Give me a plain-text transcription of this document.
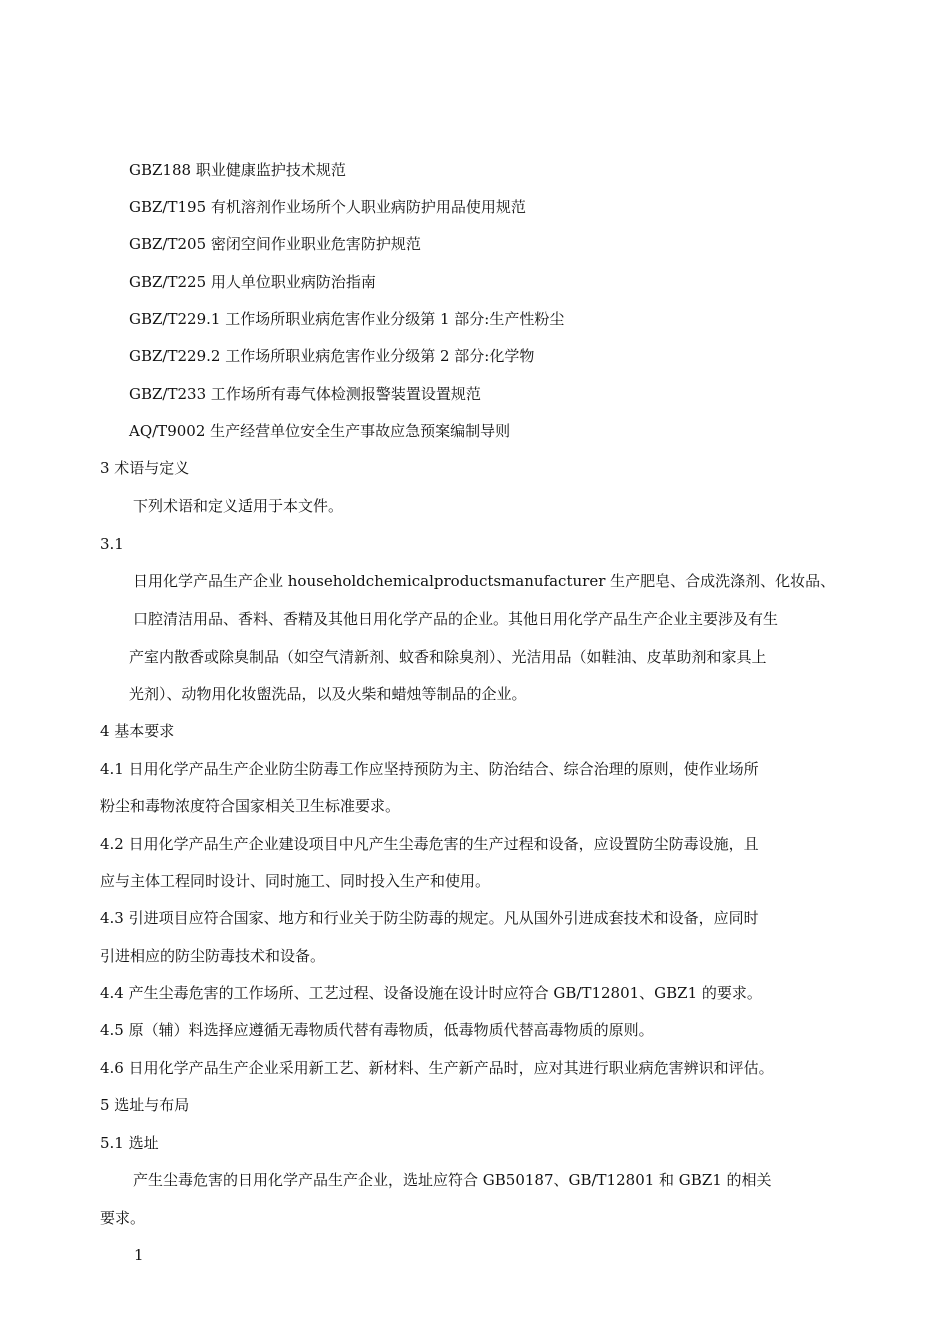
GBZ188 职业健康监护技术规范
GBZ/T195 有机溶剂作业场所个人职业病防护用品使用规范
GBZ/T205 密闭空间作业职业危害防护规范
GBZ/T225 用人单位职业病防治指南
GBZ/T229.1 工作场所职业病危害作业分级第 1 部分:生产性粉尘
GBZ/T229.2 工作场所职业病危害作业分级第 2 部分:化学物
GBZ/T233 工作场所有毒气体检测报警装置设置规范
AQ/T9002 生产经营单位安全生产事故应急预案编制导则
3 术语与定义
下列术语和定义适用于本文件。
3.1
日用化学产品生产企业 householdchemicalproductsmanufacturer 生产肥皂、合成洗涤剂、化妆品、
口腔清洁用品、香料、香精及其他日用化学产品的企业。其他日用化学产品生产企业主要涉及有生
产室内散香或除臭制品（如空气清新剂、蚊香和除臭剂）、光洁用品（如鞋油、皮革助剂和家具上
光剂）、动物用化妆盥洗品，以及火柴和蜡烛等制品的企业。
4 基本要求
4.1 日用化学产品生产企业防尘防毒工作应坚持预防为主、防治结合、综合治理的原则，使作业场所
粉尘和毒物浓度符合国家相关卫生标准要求。
4.2 日用化学产品生产企业建设项目中凡产生尘毒危害的生产过程和设备，应设置防尘防毒设施，且
应与主体工程同时设计、同时施工、同时投入生产和使用。
4.3 引进项目应符合国家、地方和行业关于防尘防毒的规定。凡从国外引进成套技术和设备，应同时
引进相应的防尘防毒技术和设备。
4.4 产生尘毒危害的工作场所、工艺过程、设备设施在设计时应符合 GB/T12801、GBZ1 的要求。
4.5 原（辅）料选择应遵循无毒物质代替有毒物质，低毒物质代替高毒物质的原则。
4.6 日用化学产品生产企业采用新工艺、新材料、生产新产品时，应对其进行职业病危害辨识和评估。
5 选址与布局
5.1 选址
产生尘毒危害的日用化学产品生产企业，选址应符合 GB50187、GB/T12801 和 GBZ1 的相关
要求。
1
